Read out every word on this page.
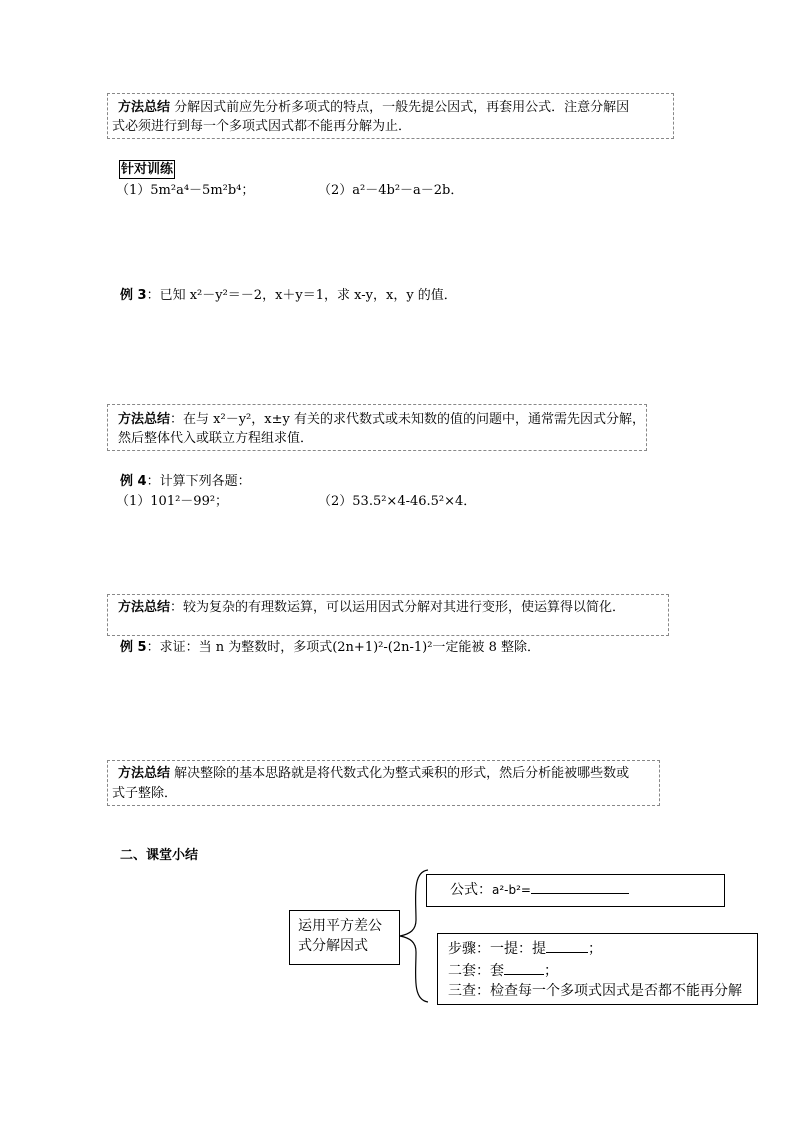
方法总结 分解因式前应先分析多项式的特点，一般先提公因式，再套用公式．注意分解因
式必须进行到每一个多项式因式都不能再分解为止．
针对训练
（1）5m²a⁴－5m²b⁴；	（2）a²－4b²－a－2b．
例 3：已知 x²－y²＝－2，x＋y＝1，求 x-y，x，y 的值．
方法总结：在与 x²－y²，x±y 有关的求代数式或未知数的值的问题中，通常需先因式分解，
然后整体代入或联立方程组求值．
例 4：计算下列各题：
（1）101²－99²；	（2）53.5²×4-46.5²×4．
方法总结：较为复杂的有理数运算，可以运用因式分解对其进行变形，使运算得以简化．
例 5：求证：当 n 为整数时，多项式(2n+1)²-(2n-1)²一定能被 8 整除．
方法总结 解决整除的基本思路就是将代数式化为整式乘积的形式，然后分析能被哪些数或
式子整除．
二、课堂小结
运用平方差公
式分解因式
公式：a²-b²=
步骤：一提：提	；
二套：套	；
三查：检查每一个多项式因式是否都不能再分解
